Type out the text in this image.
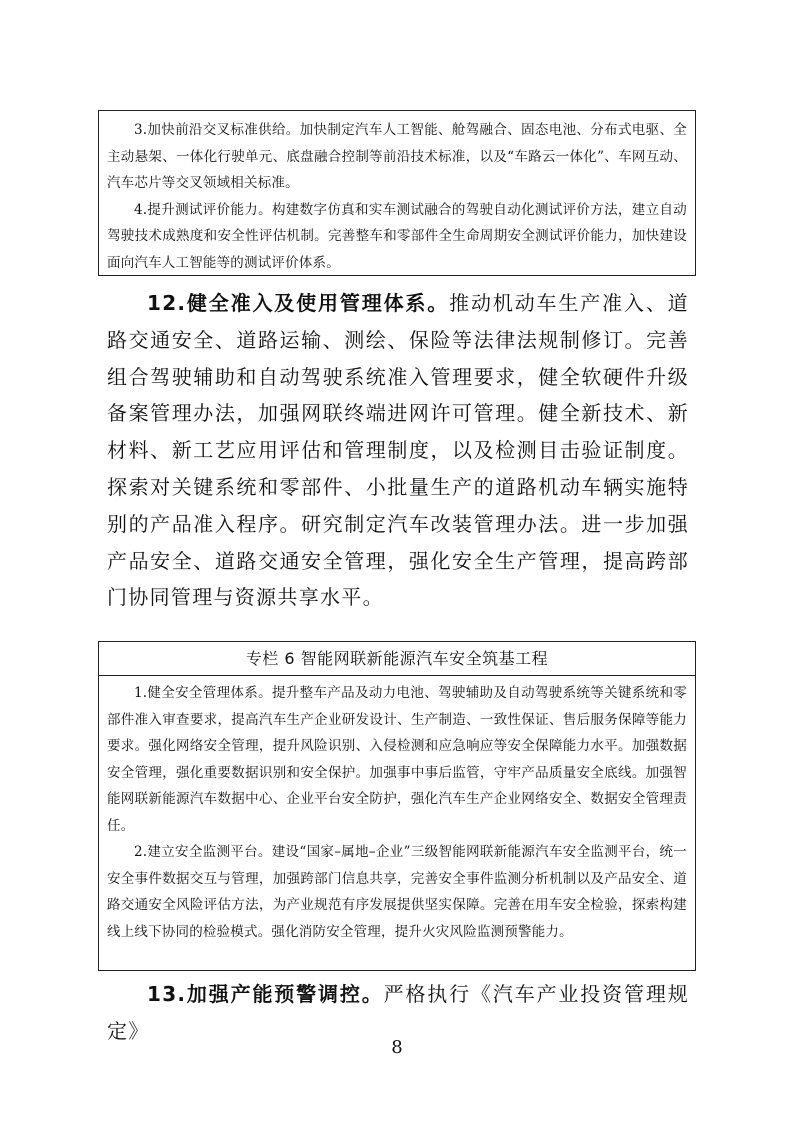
3.加快前沿交叉标准供给。加快制定汽车人工智能、舱驾融合、固态电池、分布式电驱、全主动悬架、一体化行驶单元、底盘融合控制等前沿技术标准，以及“车路云一体化”、车网互动、汽车芯片等交叉领域相关标准。

4.提升测试评价能力。构建数字仿真和实车测试融合的驾驶自动化测试评价方法，建立自动驾驶技术成熟度和安全性评估机制。完善整车和零部件全生命周期安全测试评价能力，加快建设面向汽车人工智能等的测试评价体系。

12.健全准入及使用管理体系。推动机动车生产准入、道路交通安全、道路运输、测绘、保险等法律法规制修订。完善组合驾驶辅助和自动驾驶系统准入管理要求，健全软硬件升级备案管理办法，加强网联终端进网许可管理。健全新技术、新材料、新工艺应用评估和管理制度，以及检测目击验证制度。探索对关键系统和零部件、小批量生产的道路机动车辆实施特别的产品准入程序。研究制定汽车改装管理办法。进一步加强产品安全、道路交通安全管理，强化安全生产管理，提高跨部门协同管理与资源共享水平。

专栏 6 智能网联新能源汽车安全筑基工程

1.健全安全管理体系。提升整车产品及动力电池、驾驶辅助及自动驾驶系统等关键系统和零部件准入审查要求，提高汽车生产企业研发设计、生产制造、一致性保证、售后服务保障等能力要求。强化网络安全管理，提升风险识别、入侵检测和应急响应等安全保障能力水平。加强数据安全管理，强化重要数据识别和安全保护。加强事中事后监管，守牢产品质量安全底线。加强智能网联新能源汽车数据中心、企业平台安全防护，强化汽车生产企业网络安全、数据安全管理责任。

2.建立安全监测平台。建设“国家–属地–企业”三级智能网联新能源汽车安全监测平台，统一安全事件数据交互与管理，加强跨部门信息共享，完善安全事件监测分析机制以及产品安全、道路交通安全风险评估方法，为产业规范有序发展提供坚实保障。完善在用车安全检验，探索构建线上线下协同的检验模式。强化消防安全管理，提升火灾风险监测预警能力。

13.加强产能预警调控。严格执行《汽车产业投资管理规定》

8
